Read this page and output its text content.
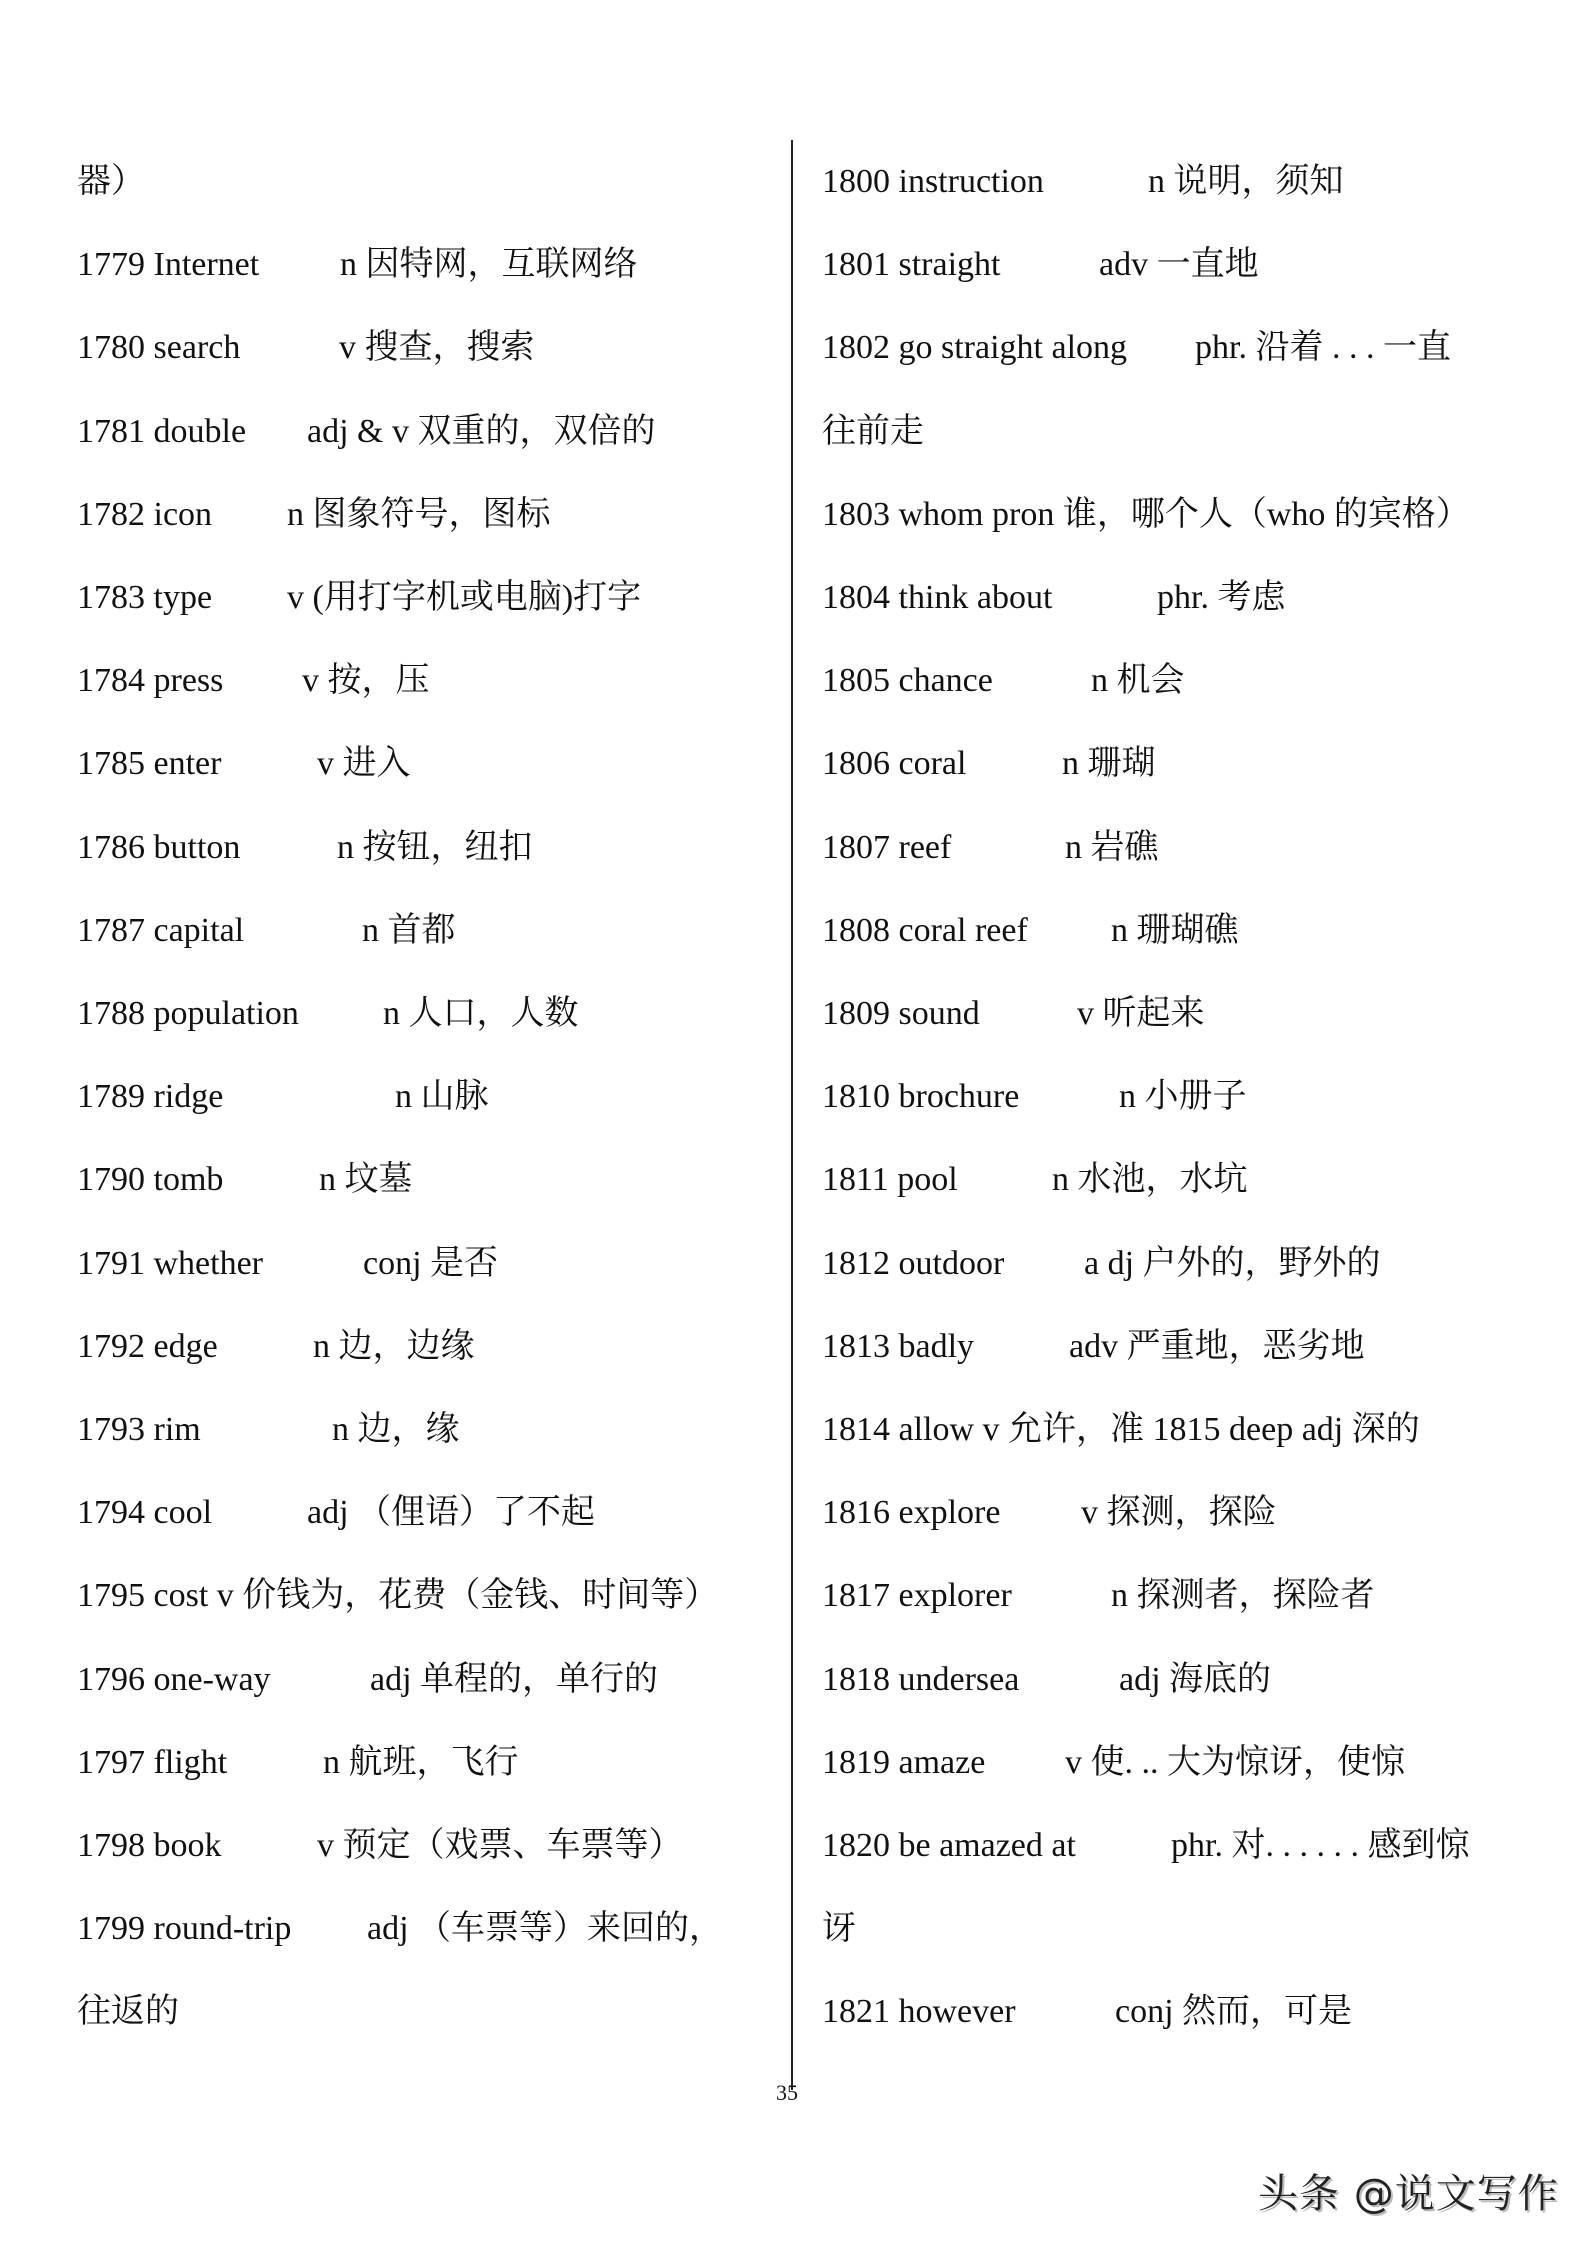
器）
1779 Internet n 因特网，互联网络
1780 search	v 搜查，搜索
1781 double adj & v 双重的，双倍的
1782 icon n 图象符号，图标
1783 type v (用打字机或电脑)打字
1784 press v 按，压
1785 enter	v 进入
1786 button	n 按钮，纽扣
1787 capital	n 首都
1788 population n 人口，人数
1789 ridge	n 山脉
1790 tomb	n 坟墓
1791 whether	conj 是否
1792 edge	n 边，边缘
1793 rim	n 边，缘
1794 cool	adj （俚语）了不起
1795 cost v 价钱为，花费（金钱、时间等）
1796 one-way	adj 单程的，单行的
1797 flight	n 航班，飞行
1798 book	v 预定（戏票、车票等）
1799 round-trip adj （车票等）来回的，
往返的
1800 instruction	n 说明，须知
1801 straight	adv 一直地
1802 go straight along phr. 沿着 . . . 一直
往前走
1803 whom pron 谁，哪个人（who 的宾格）
1804 think about	phr. 考虑
1805 chance	n 机会
1806 coral	n 珊瑚
1807 reef	n 岩礁
1808 coral reef n 珊瑚礁
1809 sound	v 听起来
1810 brochure	n 小册子
1811 pool	n 水池，水坑
1812 outdoor a dj 户外的，野外的
1813 badly	adv 严重地，恶劣地
1814 allow v 允许，准 1815 deep adj 深的
1816 explore v 探测，探险
1817 explorer	n 探测者，探险者
1818 undersea	adj 海底的
1819 amaze v 使. .. 大为惊讶，使惊
1820 be amazed at	phr. 对. . . . . . 感到惊
讶
1821 however	conj 然而，可是
35
头条 @说文写作
